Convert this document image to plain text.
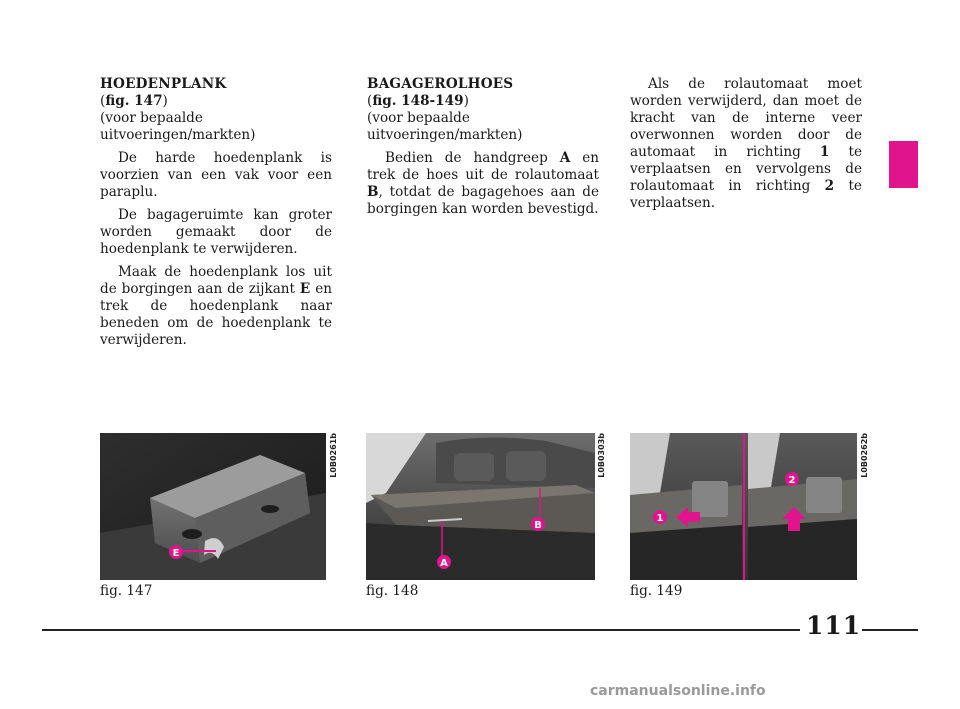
HOEDENPLANK

(fig. 147)

(voor bepaalde

uitvoeringen/markten)

De harde hoedenplank is voorzien van een vak voor een paraplu.

De bagageruimte kan groter worden gemaakt door de hoedenplank te verwijderen.

Maak de hoedenplank los uit de borgingen aan de zijkant E en trek de hoedenplank naar beneden om de hoedenplank te verwijderen.

BAGAGEROLHOES

(fig. 148-149)

(voor bepaalde

uitvoeringen/markten)

Bedien de handgreep A en trek de hoes uit de rolautomaat B, totdat de bagagehoes aan de borgingen kan worden bevestigd.

Als de rolautomaat moet worden verwijderd, dan moet de kracht van de interne veer overwonnen worden door de automaat in richting 1 te verplaatsen en vervolgens de rolautomaat in richting 2 te verplaatsen.

E
L0B0261b
fig. 147
A
B
L0B0303b
fig. 148
1
2
L0B0262b
fig. 149
111
carmanualsonline.info
